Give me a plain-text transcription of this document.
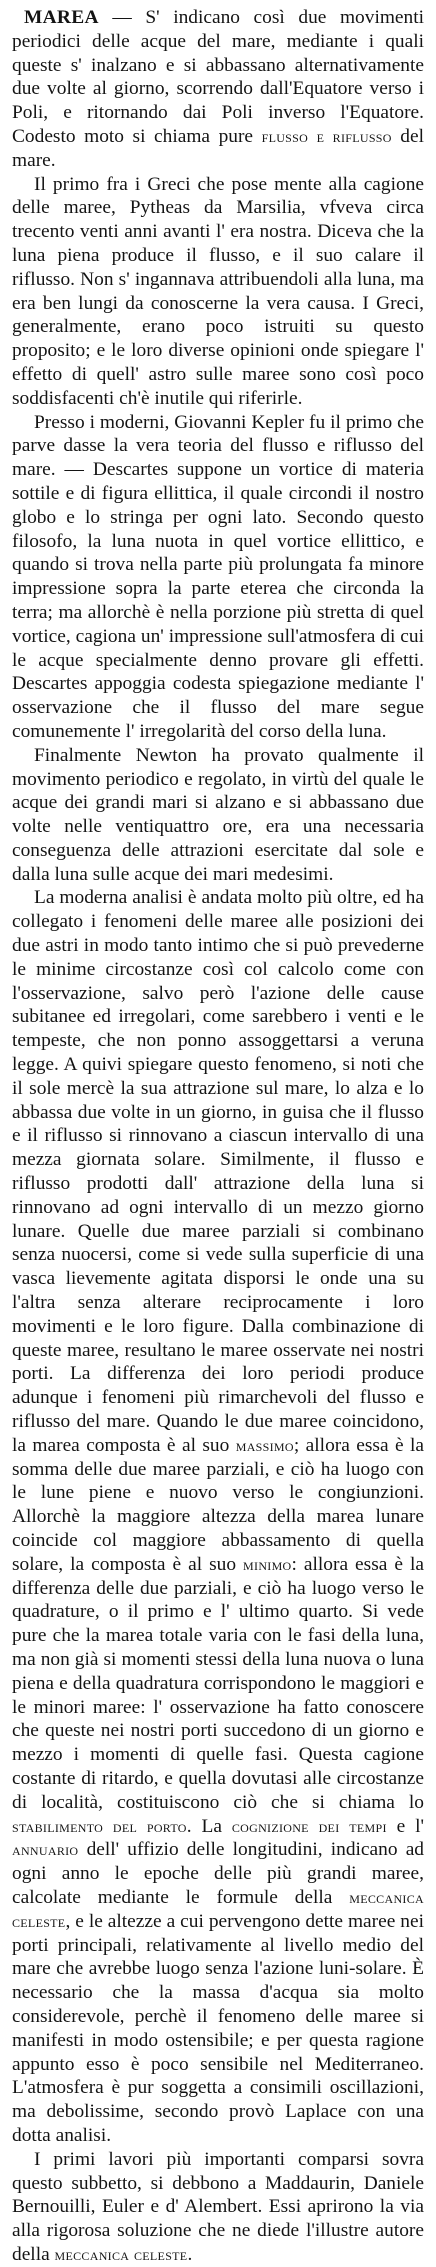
MAREA — S' indicano così due movimenti periodici delle acque del mare, mediante i quali queste s' inalzano e si abbassano alternativamente due volte al giorno, scorrendo dall'Equatore verso i Poli, e ritornando dai Poli inverso l'Equatore. Codesto moto si chiama pure flusso e riflusso del mare.

Il primo fra i Greci che pose mente alla cagione delle maree, Pytheas da Marsilia, vfveva circa trecento venti anni avanti l' era nostra. Diceva che la luna piena produce il flusso, e il suo calare il riflusso. Non s' ingannava attribuendoli alla luna, ma era ben lungi da conoscerne la vera causa. I Greci, generalmente, erano poco istruiti su questo proposito; e le loro diverse opinioni onde spiegare l' effetto di quell' astro sulle maree sono così poco soddisfacenti ch'è inutile qui riferirle.

Presso i moderni, Giovanni Kepler fu il primo che parve dasse la vera teoria del flusso e riflusso del mare. — Descartes suppone un vortice di materia sottile e di figura ellittica, il quale circondi il nostro globo e lo stringa per ogni lato. Secondo questo filosofo, la luna nuota in quel vortice ellittico, e quando si trova nella parte più prolungata fa minore impressione sopra la parte eterea che circonda la terra; ma allorchè è nella porzione più stretta di quel vortice, cagiona un' impressione sull'atmosfera di cui le acque specialmente denno provare gli effetti. Descartes appoggia codesta spiegazione mediante l' osservazione che il flusso del mare segue comunemente l' irregolarità del corso della luna.

Finalmente Newton ha provato qualmente il movimento periodico e regolato, in virtù del quale le acque dei grandi mari si alzano e si abbassano due volte nelle ventiquattro ore, era una necessaria conseguenza delle attrazioni esercitate dal sole e dalla luna sulle acque dei mari medesimi.

La moderna analisi è andata molto più oltre, ed ha collegato i fenomeni delle maree alle posizioni dei due astri in modo tanto intimo che si può prevederne le minime circostanze così col calcolo come con l'osservazione, salvo però l'azione delle cause subitanee ed irregolari, come sarebbero i venti e le tempeste, che non ponno assoggettarsi a veruna legge. A quivi spiegare questo fenomeno, si noti che il sole mercè la sua attrazione sul mare, lo alza e lo abbassa due volte in un giorno, in guisa che il flusso e il riflusso si rinnovano a ciascun intervallo di una mezza giornata solare. Similmente, il flusso e riflusso prodotti dall' attrazione della luna si rinnovano ad ogni intervallo di un mezzo giorno lunare. Quelle due maree parziali si combinano senza nuocersi, come si vede sulla superficie di una vasca lievemente agitata disporsi le onde una su l'altra senza alterare reciprocamente i loro movimenti e le loro figure. Dalla combinazione di queste maree, resultano le maree osservate nei nostri porti. La differenza dei loro periodi produce adunque i fenomeni più rimarchevoli del flusso e riflusso del mare. Quando le due maree coincidono, la marea composta è al suo massimo; allora essa è la somma delle due maree parziali, e ciò ha luogo con le lune piene e nuovo verso le congiunzioni. Allorchè la maggiore altezza della marea lunare coincide col maggiore abbassamento di quella solare, la composta è al suo minimo: allora essa è la differenza delle due parziali, e ciò ha luogo verso le quadrature, o il primo e l' ultimo quarto. Si vede pure che la marea totale varia con le fasi della luna, ma non già si momenti stessi della luna nuova o luna piena e della quadratura corrispondono le maggiori e le minori maree: l' osservazione ha fatto conoscere che queste nei nostri porti succedono di un giorno e mezzo i momenti di quelle fasi. Questa cagione costante di ritardo, e quella dovutasi alle circostanze di località, costituiscono ciò che si chiama lo stabilimento del porto. La cognizione dei tempi e l' annuario dell' uffizio delle longitudini, indicano ad ogni anno le epoche delle più grandi maree, calcolate mediante le formule della meccanica celeste, e le altezze a cui pervengono dette maree nei porti principali, relativamente al livello medio del mare che avrebbe luogo senza l'azione luni-solare. È necessario che la massa d'acqua sia molto considerevole, perchè il fenomeno delle maree si manifesti in modo ostensibile; e per questa ragione appunto esso è poco sensibile nel Mediterraneo. L'atmosfera è pur soggetta a consimili oscillazioni, ma debolissime, secondo provò Laplace con una dotta analisi.

I primi lavori più importanti comparsi sovra questo subbetto, si debbono a Maddaurin, Daniele Bernouilli, Euler e d' Alembert. Essi aprirono la via alla rigorosa soluzione che ne diede l'illustre autore della meccanica celeste.
